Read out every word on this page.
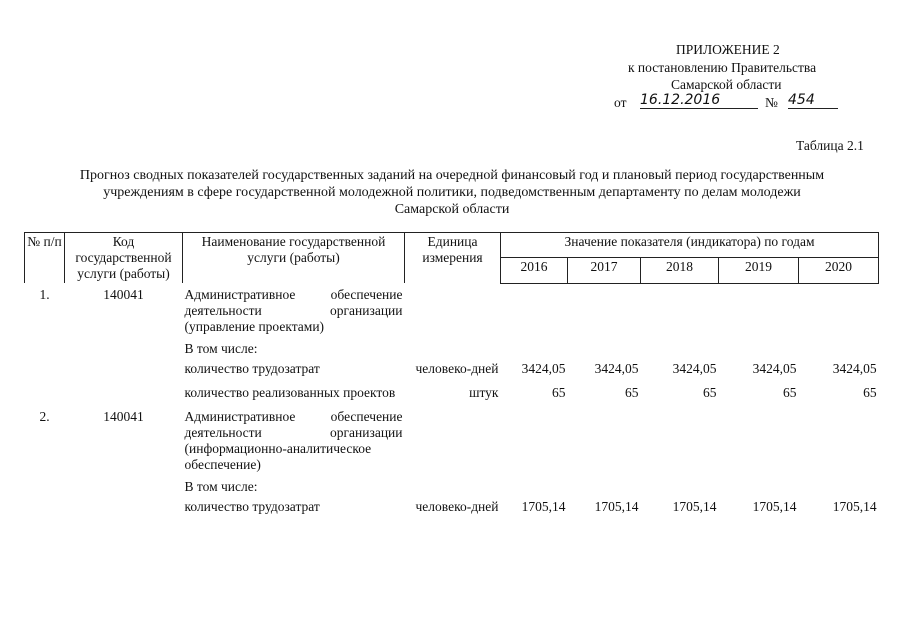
ПРИЛОЖЕНИЕ 2
к постановлению Правительства
Самарской области
от 16.12.2016	№ 454
Таблица 2.1
Прогноз сводных показателей государственных заданий на очередной финансовый год и плановый период государственным
учреждениям в сфере государственной молодежной политики, подведомственным департаменту по делам молодежи
Самарской области
№ п/п	Код государственной услуги (работы)	Наименование государственной услуги (работы)	Единица измерения	Значение показателя (индикатора) по годам				
				2016	2017	2018	2019	2020
1.	140041	Административное обеспечение деятельности организации (управление проектами)						
		В том числе:						
		количество трудозатрат	человеко-дней	3424,05	3424,05	3424,05	3424,05	3424,05

		количество реализованных проектов	штук	65	65	65	65	65

2.	140041	Административное обеспечение деятельности организации (информационно-аналитическое обеспечение)						
		В том числе:						
		количество трудозатрат	человеко-дней	1705,14	1705,14	1705,14	1705,14	1705,14
